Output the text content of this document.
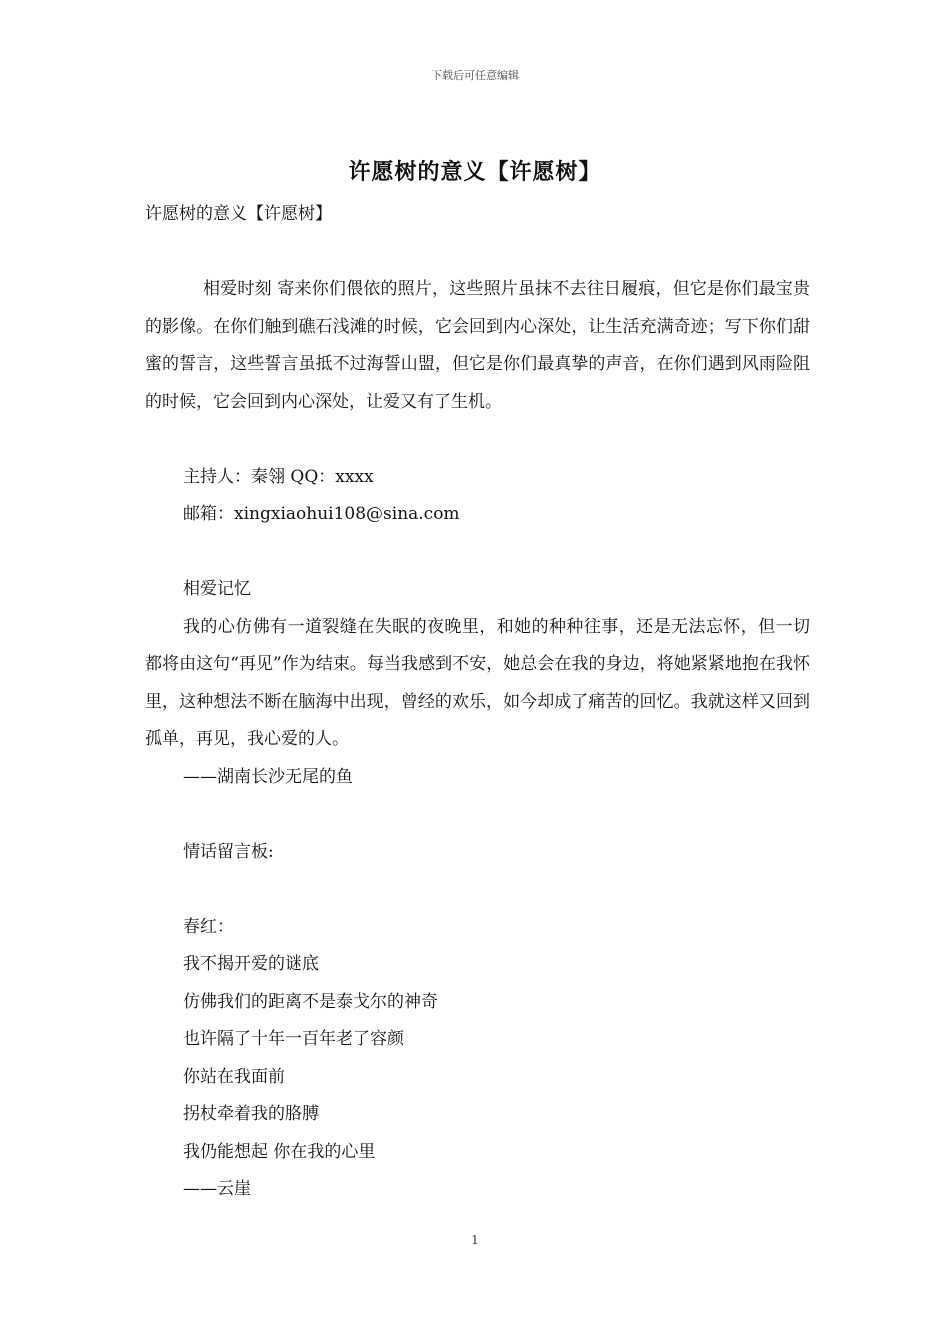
下载后可任意编辑
许愿树的意义【许愿树】
许愿树的意义【许愿树】
相爱时刻 寄来你们偎依的照片，这些照片虽抹不去往日履痕，但它是你们最宝贵的影像。在你们触到礁石浅滩的时候，它会回到内心深处，让生活充满奇迹；写下你们甜蜜的誓言，这些誓言虽抵不过海誓山盟，但它是你们最真挚的声音，在你们遇到风雨险阻的时候，它会回到内心深处，让爱又有了生机。
主持人：秦翎 QQ：xxxx
邮箱：xingxiaohui108@sina.com
相爱记忆
我的心仿佛有一道裂缝在失眠的夜晚里，和她的种种往事，还是无法忘怀，但一切都将由这句“再见”作为结束。每当我感到不安，她总会在我的身边，将她紧紧地抱在我怀里，这种想法不断在脑海中出现，曾经的欢乐，如今却成了痛苦的回忆。我就这样又回到孤单，再见，我心爱的人。
——湖南长沙无尾的鱼
情话留言板:
春红：
我不揭开爱的谜底
仿佛我们的距离不是泰戈尔的神奇
也许隔了十年一百年老了容颜
你站在我面前
拐杖牵着我的胳膊
我仍能想起 你在我的心里
——云崖
1
